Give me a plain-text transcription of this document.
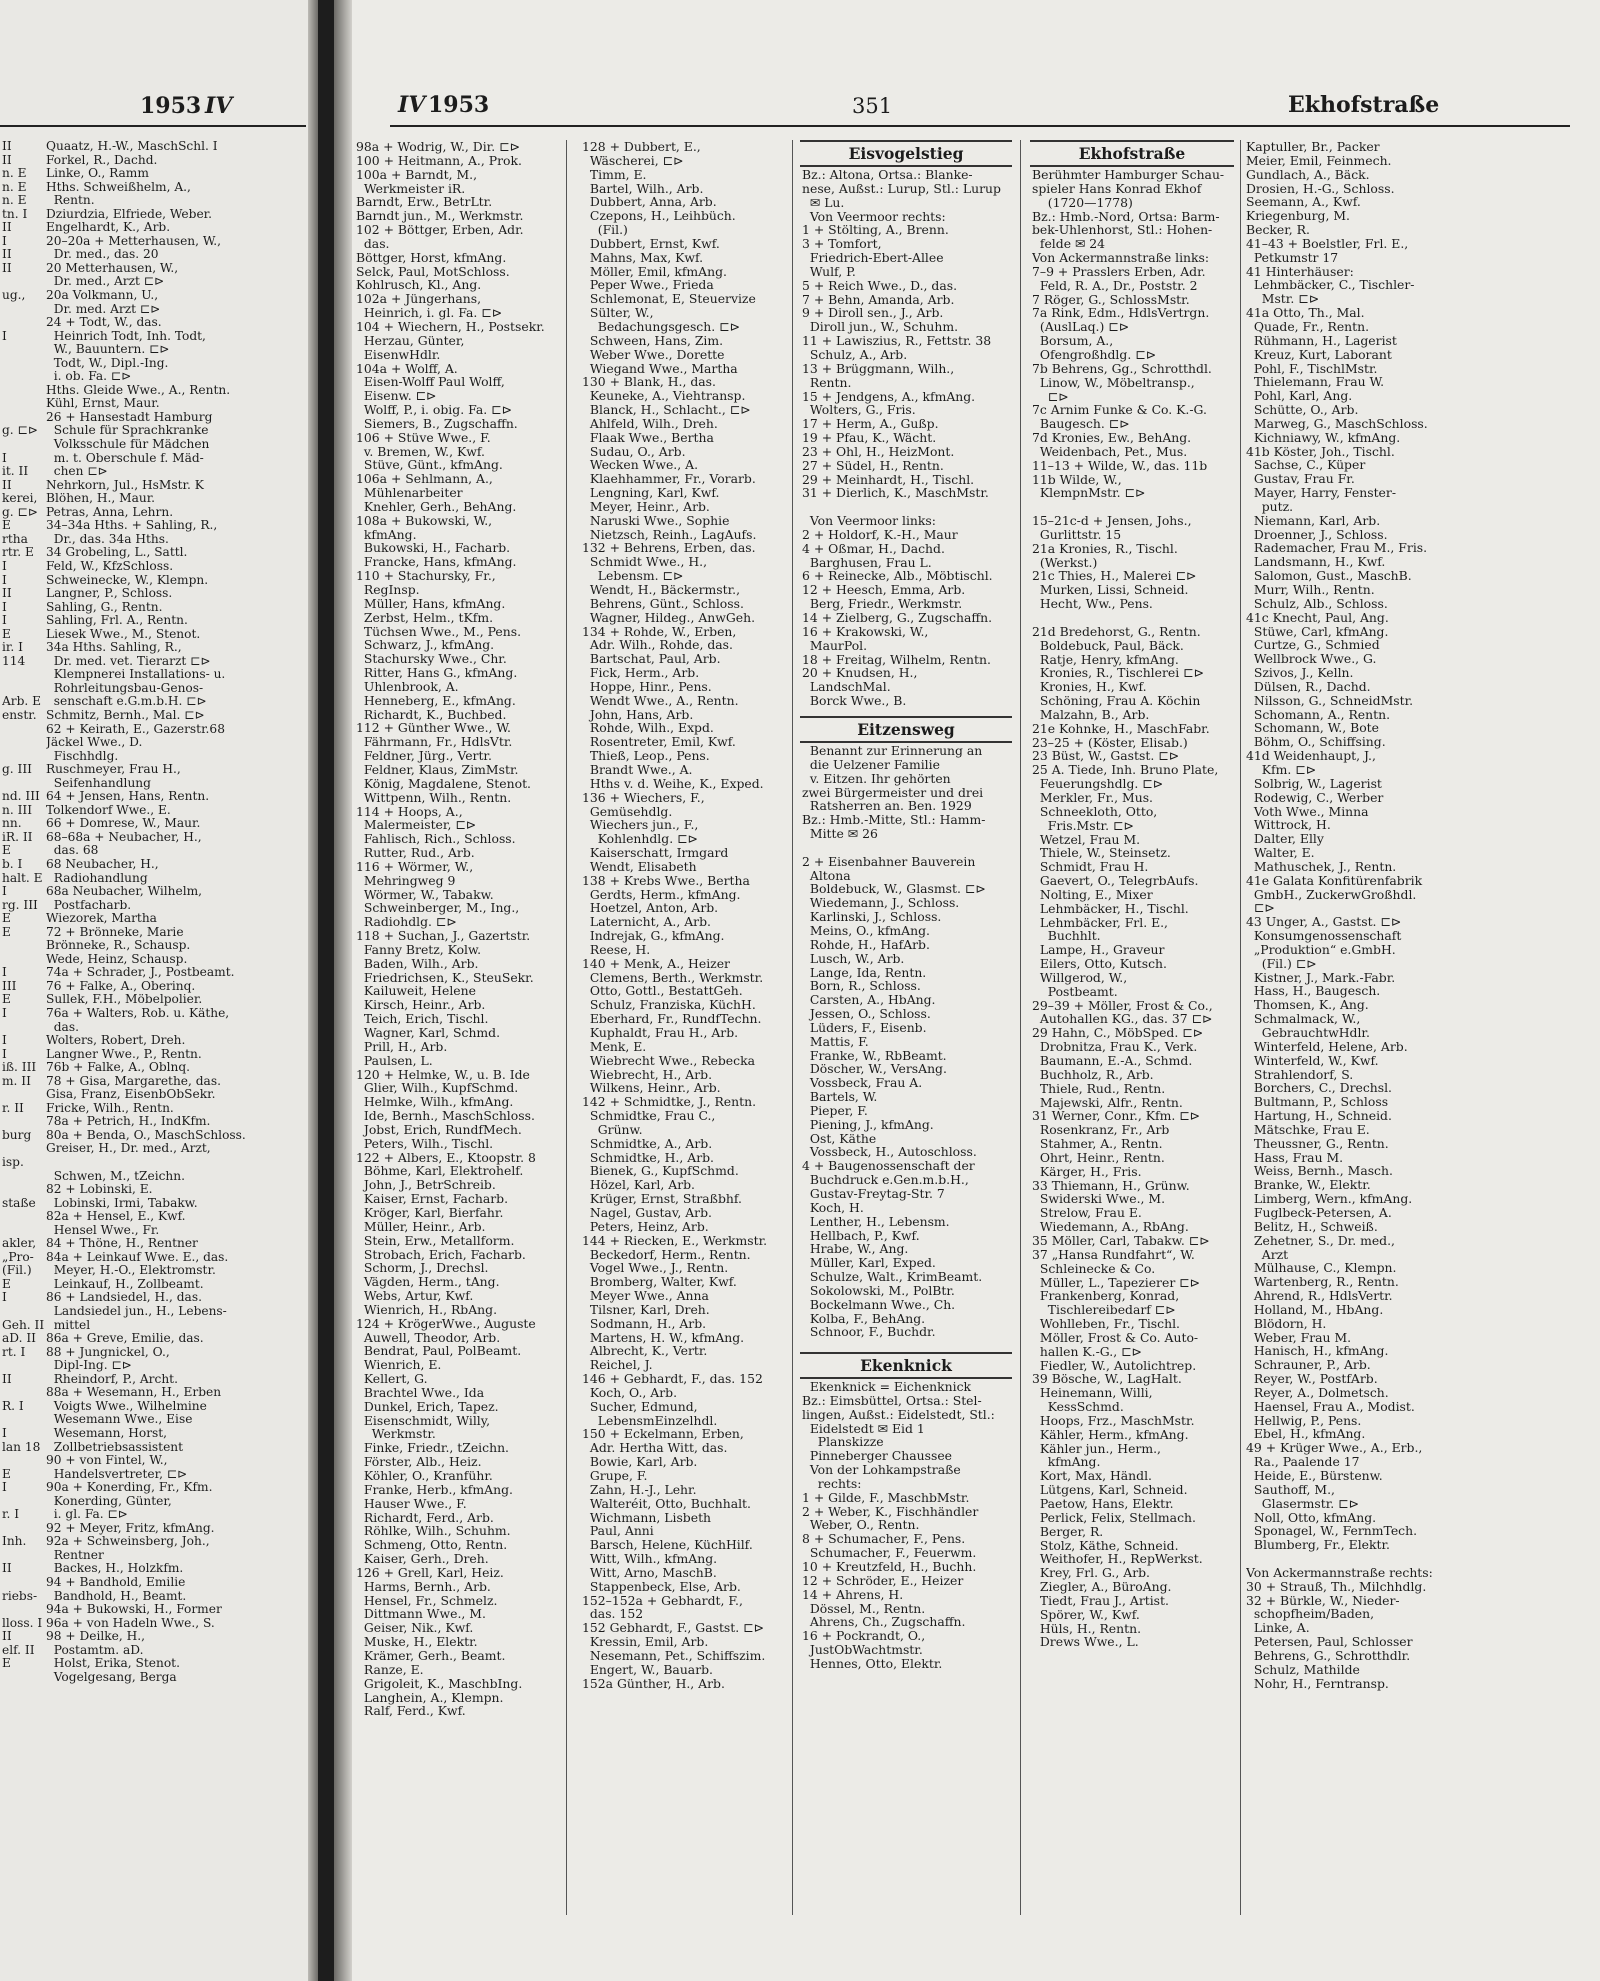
1953 IV
II
II
n. E
n. E
n. E
tn. I
II
I
II
II

ug.,

I

g. ⊏⊳

I
it. II
II
kerei,
g. ⊏⊳
E
rtha
rtr. E
I
I
II
I
I
E
ir. I
114

Arb. E
enstr.

g. III

nd. III
n. III
nn.
iR. II
E
b. I
halt. E
I
rg. III
E
E

I
III
E
I

I
I
iß. III
m. II

r. II

burg

isp.

staße

akler,
„Pro-
(Fil.)
E
I

Geh. II
aD. II
rt. I

II

R. I

I
lan 18

E
I

r. I

Inh.

II

riebs-

lloss. I
II
elf. II
E
Quaatz, H.-W., MaschSchl. I
Forkel, R., Dachd.
Linke, O., Ramm
Hths. Schweißhelm, A.,
Rentn.
Dziurdzia, Elfriede, Weber.
Engelhardt, K., Arb.
20–20a + Metterhausen, W.,
Dr. med., das. 20
20 Metterhausen, W.,
Dr. med., Arzt ⊏⊳
20a Volkmann, U.,
Dr. med. Arzt ⊏⊳
24 + Todt, W., das.
Heinrich Todt, Inh. Todt,
W., Bauuntern. ⊏⊳
Todt, W., Dipl.-Ing.
i. ob. Fa. ⊏⊳
Hths. Gleide Wwe., A., Rentn.
Kühl, Ernst, Maur.
26 + Hansestadt Hamburg
Schule für Sprachkranke
Volksschule für Mädchen
m. t. Oberschule f. Mäd-
chen ⊏⊳
Nehrkorn, Jul., HsMstr. K
Blöhen, H., Maur.
Petras, Anna, Lehrn.
34–34a Hths. + Sahling, R.,
Dr., das. 34a Hths.
34 Grobeling, L., Sattl.
Feld, W., KfzSchloss.
Schweinecke, W., Klempn.
Langner, P., Schloss.
Sahling, G., Rentn.
Sahling, Frl. A., Rentn.
Liesek Wwe., M., Stenot.
34a Hths. Sahling, R.,
Dr. med. vet. Tierarzt ⊏⊳
Klempnerei Installations- u.
Rohrleitungsbau-Genos-
senschaft e.G.m.b.H. ⊏⊳
Schmitz, Bernh., Mal. ⊏⊳
62 + Keirath, E., Gazerstr.68
Jäckel Wwe., D.
Fischhdlg.
Ruschmeyer, Frau H.,
Seifenhandlung
64 + Jensen, Hans, Rentn.
Tolkendorf Wwe., E.
66 + Domrese, W., Maur.
68–68a + Neubacher, H.,
das. 68
68 Neubacher, H.,
Radiohandlung
68a Neubacher, Wilhelm,
Postfacharb.
Wiezorek, Martha
72 + Brönneke, Marie
Brönneke, R., Schausp.
Wede, Heinz, Schausp.
74a + Schrader, J., Postbeamt.
76 + Falke, A., Oberinq.
Sullek, F.H., Möbelpolier.
76a + Walters, Rob. u. Käthe,
das.
Wolters, Robert, Dreh.
Langner Wwe., P., Rentn.
76b + Falke, A., Oblnq.
78 + Gisa, Margarethe, das.
Gisa, Franz, EisenbObSekr.
Fricke, Wilh., Rentn.
78a + Petrich, H., IndKfm.
80a + Benda, O., MaschSchloss.
Greiser, H., Dr. med., Arzt,

Schwen, M., tZeichn.
82 + Lobinski, E.
Lobinski, Irmi, Tabakw.
82a + Hensel, E., Kwf.
Hensel Wwe., Fr.
84 + Thöne, H., Rentner
84a + Leinkauf Wwe. E., das.
Meyer, H.-O., Elektromstr.
Leinkauf, H., Zollbeamt.
86 + Landsiedel, H., das.
Landsiedel jun., H., Lebens-
mittel
86a + Greve, Emilie, das.
88 + Jungnickel, O.,
Dipl-Ing. ⊏⊳
Rheindorf, P., Archt.
88a + Wesemann, H., Erben
Voigts Wwe., Wilhelmine
Wesemann Wwe., Eise
Wesemann, Horst,
Zollbetriebsassistent
90 + von Fintel, W.,
Handelsvertreter, ⊏⊳
90a + Konerding, Fr., Kfm.
Konerding, Günter,
i. gl. Fa. ⊏⊳
92 + Meyer, Fritz, kfmAng.
92a + Schweinsberg, Joh.,
Rentner
Backes, H., Holzkfm.
94 + Bandhold, Emilie
Bandhold, H., Beamt.
94a + Bukowski, H., Former
96a + von Hadeln Wwe., S.
98 + Deilke, H.,
Postamtm. aD.
Holst, Erika, Stenot.
Vogelgesang, Berga
IV 1953	351	Ekhofstraße
98a + Wodrig, W., Dir. ⊏⊳
100 + Heitmann, A., Prok.
100a + Barndt, M.,
Werkmeister iR.
Barndt, Erw., BetrLtr.
Barndt jun., M., Werkmstr.
102 + Böttger, Erben, Adr.
das.
Böttger, Horst, kfmAng.
Selck, Paul, MotSchloss.
Kohlrusch, Kl., Ang.
102a + Jüngerhans,
Heinrich, i. gl. Fa. ⊏⊳
104 + Wiechern, H., Postsekr.
Herzau, Günter,
EisenwHdlr.
104a + Wolff, A.
Eisen-Wolff Paul Wolff,
Eisenw. ⊏⊳
Wolff, P., i. obig. Fa. ⊏⊳
Siemers, B., Zugschaffn.
106 + Stüve Wwe., F.
v. Bremen, W., Kwf.
Stüve, Günt., kfmAng.
106a + Sehlmann, A.,
Mühlenarbeiter
Knehler, Gerh., BehAng.
108a + Bukowski, W.,
kfmAng.
Bukowski, H., Facharb.
Francke, Hans, kfmAng.
110 + Stachursky, Fr.,
RegInsp.
Müller, Hans, kfmAng.
Zerbst, Helm., tKfm.
Tüchsen Wwe., M., Pens.
Schwarz, J., kfmAng.
Stachursky Wwe., Chr.
Ritter, Hans G., kfmAng.
Uhlenbrook, A.
Henneberg, E., kfmAng.
Richardt, K., Buchbed.
112 + Günther Wwe., W.
Fährmann, Fr., HdlsVtr.
Feldner, Jürg., Vertr.
Feldner, Klaus, ZimMstr.
König, Magdalene, Stenot.
Wittpenn, Wilh., Rentn.
114 + Hoops, A.,
Malermeister, ⊏⊳
Fahlisch, Rich., Schloss.
Rutter, Rud., Arb.
116 + Wörmer, W.,
Mehringweg 9
Wörmer, W., Tabakw.
Schweinberger, M., Ing.,
Radiohdlg. ⊏⊳
118 + Suchan, J., Gazertstr.
Fanny Bretz, Kolw.
Baden, Wilh., Arb.
Friedrichsen, K., SteuSekr.
Kailuweit, Helene
Kirsch, Heinr., Arb.
Teich, Erich, Tischl.
Wagner, Karl, Schmd.
Prill, H., Arb.
Paulsen, L.
120 + Helmke, W., u. B. Ide
Glier, Wilh., KupfSchmd.
Helmke, Wilh., kfmAng.
Ide, Bernh., MaschSchloss.
Jobst, Erich, RundfMech.
Peters, Wilh., Tischl.
122 + Albers, E., Ktoopstr. 8
Böhme, Karl, Elektrohelf.
John, J., BetrSchreib.
Kaiser, Ernst, Facharb.
Kröger, Karl, Bierfahr.
Müller, Heinr., Arb.
Stein, Erw., Metallform.
Strobach, Erich, Facharb.
Schorm, J., Drechsl.
Vägden, Herm., tAng.
Webs, Artur, Kwf.
Wienrich, H., RbAng.
124 + KrögerWwe., Auguste
Auwell, Theodor, Arb.
Bendrat, Paul, PolBeamt.
Wienrich, E.
Kellert, G.
Brachtel Wwe., Ida
Dunkel, Erich, Tapez.
Eisenschmidt, Willy,
Werkmstr.
Finke, Friedr., tZeichn.
Förster, Alb., Heiz.
Köhler, O., Kranführ.
Franke, Herb., kfmAng.
Hauser Wwe., F.
Richardt, Ferd., Arb.
Röhlke, Wilh., Schuhm.
Schmeng, Otto, Rentn.
Kaiser, Gerh., Dreh.
126 + Grell, Karl, Heiz.
Harms, Bernh., Arb.
Hensel, Fr., Schmelz.
Dittmann Wwe., M.
Geiser, Nik., Kwf.
Muske, H., Elektr.
Krämer, Gerh., Beamt.
Ranze, E.
Grigoleit, K., MaschbIng.
Langhein, A., Klempn.
Ralf, Ferd., Kwf.
128 + Dubbert, E.,
Wäscherei, ⊏⊳
Timm, E.
Bartel, Wilh., Arb.
Dubbert, Anna, Arb.
Czepons, H., Leihbüch.
(Fil.)
Dubbert, Ernst, Kwf.
Mahns, Max, Kwf.
Möller, Emil, kfmAng.
Peper Wwe., Frieda
Schlemonat, E, Steuervize
Sülter, W.,
Bedachungsgesch. ⊏⊳
Schween, Hans, Zim.
Weber Wwe., Dorette
Wiegand Wwe., Martha
130 + Blank, H., das.
Keuneke, A., Viehtransp.
Blanck, H., Schlacht., ⊏⊳
Ahlfeld, Wilh., Dreh.
Flaak Wwe., Bertha
Sudau, O., Arb.
Wecken Wwe., A.
Klaehhammer, Fr., Vorarb.
Lengning, Karl, Kwf.
Meyer, Heinr., Arb.
Naruski Wwe., Sophie
Nietzsch, Reinh., LagAufs.
132 + Behrens, Erben, das.
Schmidt Wwe., H.,
Lebensm. ⊏⊳
Wendt, H., Bäckermstr.,
Behrens, Günt., Schloss.
Wagner, Hildeg., AnwGeh.
134 + Rohde, W., Erben,
Adr. Wilh., Rohde, das.
Bartschat, Paul, Arb.
Fick, Herm., Arb.
Hoppe, Hinr., Pens.
Wendt Wwe., A., Rentn.
John, Hans, Arb.
Rohde, Wilh., Expd.
Rosentreter, Emil, Kwf.
Thieß, Leop., Pens.
Brandt Wwe., A.
Hths v. d. Weihe, K., Exped.
136 + Wiechers, F.,
Gemüsehdlg.
Wiechers jun., F.,
Kohlenhdlg. ⊏⊳
Kaiserschatt, Irmgard
Wendt, Elisabeth
138 + Krebs Wwe., Bertha
Gerdts, Herm., kfmAng.
Hoetzel, Anton, Arb.
Laternicht, A., Arb.
Indrejak, G., kfmAng.
Reese, H.
140 + Menk, A., Heizer
Clemens, Berth., Werkmstr.
Otto, Gottl., BestattGeh.
Schulz, Franziska, KüchH.
Eberhard, Fr., RundfTechn.
Kuphaldt, Frau H., Arb.
Menk, E.
Wiebrecht Wwe., Rebecka
Wiebrecht, H., Arb.
Wilkens, Heinr., Arb.
142 + Schmidtke, J., Rentn.
Schmidtke, Frau C.,
Grünw.
Schmidtke, A., Arb.
Schmidtke, H., Arb.
Bienek, G., KupfSchmd.
Hözel, Karl, Arb.
Krüger, Ernst, Straßbhf.
Nagel, Gustav, Arb.
Peters, Heinz, Arb.
144 + Riecken, E., Werkmstr.
Beckedorf, Herm., Rentn.
Vogel Wwe., J., Rentn.
Bromberg, Walter, Kwf.
Meyer Wwe., Anna
Tilsner, Karl, Dreh.
Sodmann, H., Arb.
Martens, H. W., kfmAng.
Albrecht, K., Vertr.
Reichel, J.
146 + Gebhardt, F., das. 152
Koch, O., Arb.
Sucher, Edmund,
LebensmEinzelhdl.
150 + Eckelmann, Erben,
Adr. Hertha Witt, das.
Bowie, Karl, Arb.
Grupe, F.
Zahn, H.-J., Lehr.
Walteréit, Otto, Buchhalt.
Wichmann, Lisbeth
Paul, Anni
Barsch, Helene, KüchHilf.
Witt, Wilh., kfmAng.
Witt, Arno, MaschB.
Stappenbeck, Else, Arb.
152–152a + Gebhardt, F.,
das. 152
152 Gebhardt, F., Gastst. ⊏⊳
Kressin, Emil, Arb.
Nesemann, Pet., Schiffszim.
Engert, W., Bauarb.
152a Günther, H., Arb.
Eisvogelstieg
Bz.: Altona, Ortsa.: Blanke-
nese, Außst.: Lurup, Stl.: Lurup
✉ Lu.
Von Veermoor rechts:
1 + Stölting, A., Brenn.
3 + Tomfort,
Friedrich-Ebert-Allee
Wulf, P.
5 + Reich Wwe., D., das.
7 + Behn, Amanda, Arb.
9 + Diroll sen., J., Arb.
Diroll jun., W., Schuhm.
11 + Lawiszius, R., Fettstr. 38
Schulz, A., Arb.
13 + Brüggmann, Wilh.,
Rentn.
15 + Jendgens, A., kfmAng.
Wolters, G., Fris.
17 + Herm, A., Gußp.
19 + Pfau, K., Wächt.
23 + Ohl, H., HeizMont.
27 + Südel, H., Rentn.
29 + Meinhardt, H., Tischl.
31 + Dierlich, K., MaschMstr.

Von Veermoor links:
2 + Holdorf, K.-H., Maur
4 + Oßmar, H., Dachd.
Barghusen, Frau L.
6 + Reinecke, Alb., Möbtischl.
12 + Heesch, Emma, Arb.
Berg, Friedr., Werkmstr.
14 + Zielberg, G., Zugschaffn.
16 + Krakowski, W.,
MaurPol.
18 + Freitag, Wilhelm, Rentn.
20 + Knudsen, H.,
LandschMal.
Borck Wwe., B.
Eitzensweg
Benannt zur Erinnerung an
die Uelzener Familie
v. Eitzen. Ihr gehörten
zwei Bürgermeister und drei
Ratsherren an. Ben. 1929
Bz.: Hmb.-Mitte, Stl.: Hamm-
Mitte ✉ 26

2 + Eisenbahner Bauverein
Altona
Boldebuck, W., Glasmst. ⊏⊳
Wiedemann, J., Schloss.
Karlinski, J., Schloss.
Meins, O., kfmAng.
Rohde, H., HafArb.
Lusch, W., Arb.
Lange, Ida, Rentn.
Born, R., Schloss.
Carsten, A., HbAng.
Jessen, O., Schloss.
Lüders, F., Eisenb.
Mattis, F.
Franke, W., RbBeamt.
Döscher, W., VersAng.
Vossbeck, Frau A.
Bartels, W.
Pieper, F.
Piening, J., kfmAng.
Ost, Käthe
Vossbeck, H., Autoschloss.
4 + Baugenossenschaft der
Buchdruck e.Gen.m.b.H.,
Gustav-Freytag-Str. 7
Koch, H.
Lenther, H., Lebensm.
Hellbach, P., Kwf.
Hrabe, W., Ang.
Müller, Karl, Exped.
Schulze, Walt., KrimBeamt.
Sokolowski, M., PolBtr.
Bockelmann Wwe., Ch.
Kolba, F., BehAng.
Schnoor, F., Buchdr.
Ekenknick
Ekenknick = Eichenknick
Bz.: Eimsbüttel, Ortsa.: Stel-
lingen, Außst.: Eidelstedt, Stl.:
Eidelstedt ✉ Eid 1
Planskizze
Pinneberger Chaussee
Von der Lohkampstraße
rechts:
1 + Gilde, F., MaschbMstr.
2 + Weber, K., Fischhändler
Weber, O., Rentn.
8 + Schumacher, F., Pens.
Schumacher, F., Feuerwm.
10 + Kreutzfeld, H., Buchh.
12 + Schröder, E., Heizer
14 + Ahrens, H.
Dössel, M., Rentn.
Ahrens, Ch., Zugschaffn.
16 + Pockrandt, O.,
JustObWachtmstr.
Hennes, Otto, Elektr.
Ekhofstraße
Berühmter Hamburger Schau-
spieler Hans Konrad Ekhof
(1720—1778)
Bz.: Hmb.-Nord, Ortsa: Barm-
bek-Uhlenhorst, Stl.: Hohen-
felde ✉ 24
Von Ackermannstraße links:
7–9 + Prasslers Erben, Adr.
Feld, R. A., Dr., Poststr. 2
7 Röger, G., SchlossMstr.
7a Rink, Edm., HdlsVertrgn.
(AuslLaq.) ⊏⊳
Borsum, A.,
Ofengroßhdlg. ⊏⊳
7b Behrens, Gg., Schrotthdl.
Linow, W., Möbeltransp.,
⊏⊳
7c Arnim Funke & Co. K.-G.
Baugesch. ⊏⊳
7d Kronies, Ew., BehAng.
Weidenbach, Pet., Mus.
11–13 + Wilde, W., das. 11b
11b Wilde, W.,
KlempnMstr. ⊏⊳

15–21c-d + Jensen, Johs.,
Gurlittstr. 15
21a Kronies, R., Tischl.
(Werkst.)
21c Thies, H., Malerei ⊏⊳
Murken, Lissi, Schneid.
Hecht, Ww., Pens.

21d Bredehorst, G., Rentn.
Boldebuck, Paul, Bäck.
Ratje, Henry, kfmAng.
Kronies, R., Tischlerei ⊏⊳
Kronies, H., Kwf.
Schöning, Frau A. Köchin
Malzahn, B., Arb.
21e Kohnke, H., MaschFabr.
23–25 + (Köster, Elisab.)
23 Büst, W., Gastst. ⊏⊳
25 A. Tiede, Inh. Bruno Plate,
Feuerungshdlg. ⊏⊳
Merkler, Fr., Mus.
Schneekloth, Otto,
Fris.Mstr. ⊏⊳
Wetzel, Frau M.
Thiele, W., Steinsetz.
Schmidt, Frau H.
Gaevert, O., TelegrbAufs.
Nolting, E., Mixer
Lehmbäcker, H., Tischl.
Lehmbäcker, Frl. E.,
Buchhlt.
Lampe, H., Graveur
Eilers, Otto, Kutsch.
Willgerod, W.,
Postbeamt.
29–39 + Möller, Frost & Co.,
Autohallen KG., das. 37 ⊏⊳
29 Hahn, C., MöbSped. ⊏⊳
Drobnitza, Frau K., Verk.
Baumann, E.-A., Schmd.
Buchholz, R., Arb.
Thiele, Rud., Rentn.
Majewski, Alfr., Rentn.
31 Werner, Conr., Kfm. ⊏⊳
Rosenkranz, Fr., Arb
Stahmer, A., Rentn.
Ohrt, Heinr., Rentn.
Kärger, H., Fris.
33 Thiemann, H., Grünw.
Swiderski Wwe., M.
Strelow, Frau E.
Wiedemann, A., RbAng.
35 Möller, Carl, Tabakw. ⊏⊳
37 „Hansa Rundfahrt“, W.
Schleinecke & Co.
Müller, L., Tapezierer ⊏⊳
Frankenberg, Konrad,
Tischlereibedarf ⊏⊳
Wohlleben, Fr., Tischl.
Möller, Frost & Co. Auto-
hallen K.-G., ⊏⊳
Fiedler, W., Autolichtrep.
39 Bösche, W., LagHalt.
Heinemann, Willi,
KessSchmd.
Hoops, Frz., MaschMstr.
Kähler, Herm., kfmAng.
Kähler jun., Herm.,
kfmAng.
Kort, Max, Händl.
Lütgens, Karl, Schneid.
Paetow, Hans, Elektr.
Perlick, Felix, Stellmach.
Berger, R.
Stolz, Käthe, Schneid.
Weithofer, H., RepWerkst.
Krey, Frl. G., Arb.
Ziegler, A., BüroAng.
Tiedt, Frau J., Artist.
Spörer, W., Kwf.
Hüls, H., Rentn.
Drews Wwe., L.
Kaptuller, Br., Packer
Meier, Emil, Feinmech.
Gundlach, A., Bäck.
Drosien, H.-G., Schloss.
Seemann, A., Kwf.
Kriegenburg, M.
Becker, R.
41–43 + Boelstler, Frl. E.,
Petkumstr 17
41 Hinterhäuser:
Lehmbäcker, C., Tischler-
Mstr. ⊏⊳
41a Otto, Th., Mal.
Quade, Fr., Rentn.
Rühmann, H., Lagerist
Kreuz, Kurt, Laborant
Pohl, F., TischlMstr.
Thielemann, Frau W.
Pohl, Karl, Ang.
Schütte, O., Arb.
Marweg, G., MaschSchloss.
Kichniawy, W., kfmAng.
41b Köster, Joh., Tischl.
Sachse, C., Küper
Gustav, Frau Fr.
Mayer, Harry, Fenster-
putz.
Niemann, Karl, Arb.
Droenner, J., Schloss.
Rademacher, Frau M., Fris.
Landsmann, H., Kwf.
Salomon, Gust., MaschB.
Murr, Wilh., Rentn.
Schulz, Alb., Schloss.
41c Knecht, Paul, Ang.
Stüwe, Carl, kfmAng.
Curtze, G., Schmied
Wellbrock Wwe., G.
Szivos, J., Kelln.
Dülsen, R., Dachd.
Nilsson, G., SchneidMstr.
Schomann, A., Rentn.
Schomann, W., Bote
Böhm, O., Schiffsing.
41d Weidenhaupt, J.,
Kfm. ⊏⊳
Solbrig, W., Lagerist
Rodewig, C., Werber
Voth Wwe., Minna
Wittrock, H.
Dalter, Elly
Walter, E.
Mathuschek, J., Rentn.
41e Galata Konfitürenfabrik
GmbH., ZuckerwGroßhdl.
⊏⊳
43 Unger, A., Gastst. ⊏⊳
Konsumgenossenschaft
„Produktion“ e.GmbH.
(Fil.) ⊏⊳
Kistner, J., Mark.-Fabr.
Hass, H., Baugesch.
Thomsen, K., Ang.
Schmalmack, W.,
GebrauchtwHdlr.
Winterfeld, Helene, Arb.
Winterfeld, W., Kwf.
Strahlendorf, S.
Borchers, C., Drechsl.
Bultmann, P., Schloss
Hartung, H., Schneid.
Mätschke, Frau E.
Theussner, G., Rentn.
Hass, Frau M.
Weiss, Bernh., Masch.
Branke, W., Elektr.
Limberg, Wern., kfmAng.
Fuglbeck-Petersen, A.
Belitz, H., Schweiß.
Zehetner, S., Dr. med.,
Arzt
Mülhause, C., Klempn.
Wartenberg, R., Rentn.
Ahrend, R., HdlsVertr.
Holland, M., HbAng.
Blödorn, H.
Weber, Frau M.
Hanisch, H., kfmAng.
Schrauner, P., Arb.
Reyer, W., PostfArb.
Reyer, A., Dolmetsch.
Haensel, Frau A., Modist.
Hellwig, P., Pens.
Ebel, H., kfmAng.
49 + Krüger Wwe., A., Erb.,
Ra., Paalende 17
Heide, E., Bürstenw.
Sauthoff, M.,
Glasermstr. ⊏⊳
Noll, Otto, kfmAng.
Sponagel, W., FernmTech.
Blumberg, Fr., Elektr.

Von Ackermannstraße rechts:
30 + Strauß, Th., Milchhdlg.
32 + Bürkle, W., Nieder-
schopfheim/Baden,
Linke, A.
Petersen, Paul, Schlosser
Behrens, G., Schrotthdlr.
Schulz, Mathilde
Nohr, H., Ferntransp.
